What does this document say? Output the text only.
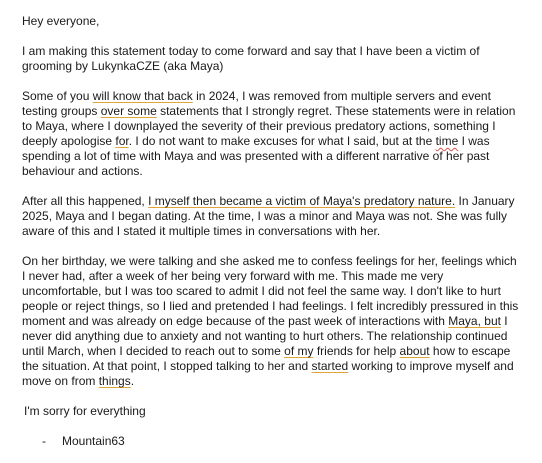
Hey everyone,

I am making this statement today to come forward and say that I have been a victim of grooming by LukynkaCZE (aka Maya)

Some of you will know that back in 2024, I was removed from multiple servers and event testing groups over some statements that I strongly regret. These statements were in relation to Maya, where I downplayed the severity of their previous predatory actions, something I deeply apologise for. I do not want to make excuses for what I said, but at the time I was spending a lot of time with Maya and was presented with a different narrative of her past behaviour and actions.

After all this happened, I myself then became a victim of Maya's predatory nature. In January 2025, Maya and I began dating. At the time, I was a minor and Maya was not. She was fully aware of this and I stated it multiple times in conversations with her.

On her birthday, we were talking and she asked me to confess feelings for her, feelings which I never had, after a week of her being very forward with me. This made me very uncomfortable, but I was too scared to admit I did not feel the same way. I don't like to hurt people or reject things, so I lied and pretended I had feelings. I felt incredibly pressured in this moment and was already on edge because of the past week of interactions with Maya, but I never did anything due to anxiety and not wanting to hurt others. The relationship continued until March, when I decided to reach out to some of my friends for help about how to escape the situation. At that point, I stopped talking to her and started working to improve myself and move on from things.

I'm sorry for everything

- Mountain63
